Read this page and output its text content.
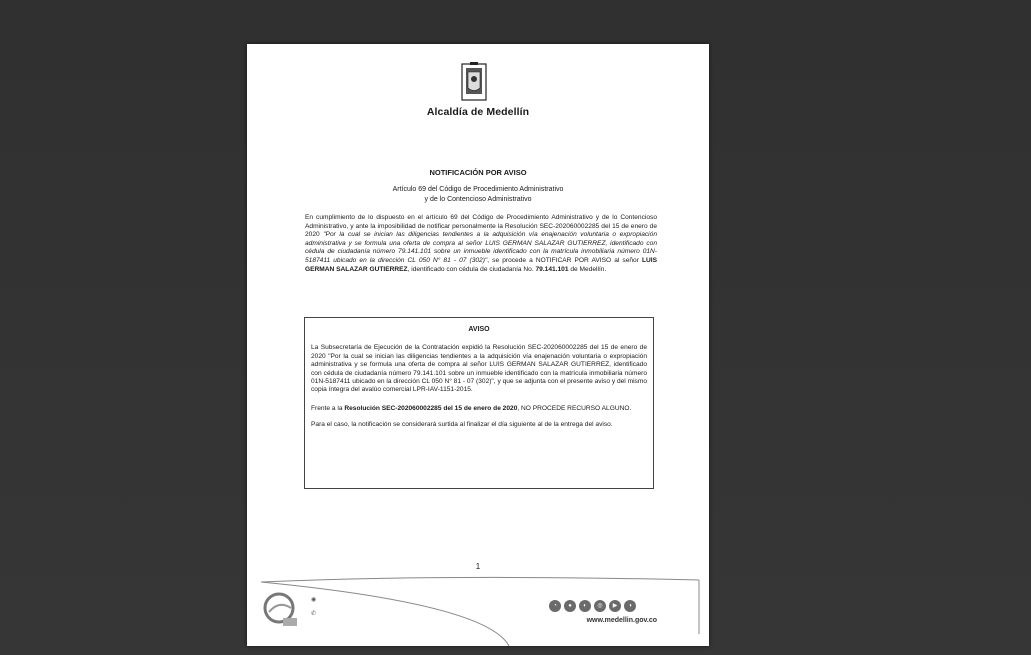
Alcaldía de Medellín
NOTIFICACIÓN POR AVISO
Artículo 69 del Código de Procedimiento Administrativo
y de lo Contencioso Administrativo
En cumplimiento de lo dispuesto en el artículo 69 del Código de Procedimiento Administrativo y de lo Contencioso Administrativo, y ante la imposibilidad de notificar personalmente la Resolución SEC-202060002285 del 15 de enero de 2020 "Por la cual se inician las diligencias tendientes a la adquisición vía enajenación voluntaria o expropiación administrativa y se formula una oferta de compra al señor LUIS GERMAN SALAZAR GUTIERREZ, identificado con cédula de ciudadanía número 79.141.101 sobre un inmueble identificado con la matrícula inmobiliaria número 01N-5187411 ubicado en la dirección CL 050 N° 81 - 07 (302)", se procede a NOTIFICAR POR AVISO al señor LUIS GERMAN SALAZAR GUTIERREZ, identificado con cédula de ciudadanía No. 79.141.101 de Medellín.
AVISO
La Subsecretaría de Ejecución de la Contratación expidió la Resolución SEC-202060002285 del 15 de enero de 2020 "Por la cual se inician las diligencias tendientes a la adquisición vía enajenación voluntaria o expropiación administrativa y se formula una oferta de compra al señor LUIS GERMAN SALAZAR GUTIERREZ, identificado con cédula de ciudadanía número 79.141.101 sobre un inmueble identificado con la matrícula inmobiliaria número 01N-5187411 ubicado en la dirección CL 050 N° 81 - 07 (302)", y que se adjunta con el presente aviso y del mismo copia íntegra del avalúo comercial LPR-IAV-1151-2015.
Frente a la Resolución SEC-202060002285 del 15 de enero de 2020, NO PROCEDE RECURSO ALGUNO.
Para el caso, la notificación se considerará surtida al finalizar el día siguiente al de la entrega del aviso.
1
◉
✆
◔	●	◐	◎	▶	◑
www.medellin.gov.co
